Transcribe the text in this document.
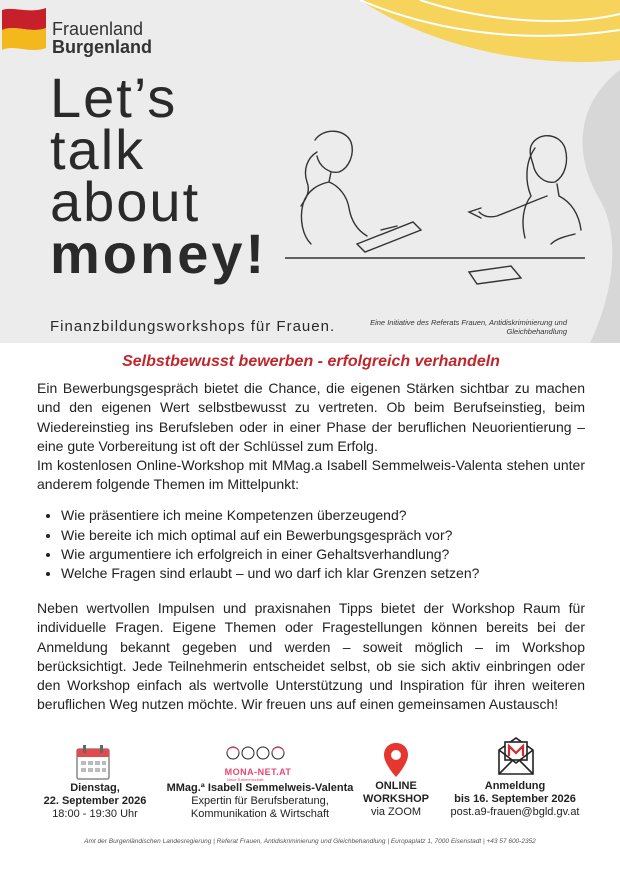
Frauenland
Burgenland
Let’s
talk
about
money!
Finanzbildungsworkshops für Frauen.	Eine Initiative des Referats Frauen, Antidiskriminierung und Gleichbehandlung
Selbstbewusst bewerben - erfolgreich verhandeln

Ein Bewerbungsgespräch bietet die Chance, die eigenen Stärken sichtbar zu machen und den eigenen Wert selbstbewusst zu vertreten. Ob beim Berufseinstieg, beim Wiedereinstieg ins Berufsleben oder in einer Phase der beruflichen Neuorientierung – eine gute Vorbereitung ist oft der Schlüssel zum Erfolg.

Im kostenlosen Online-Workshop mit MMag.a Isabell Semmelweis-Valenta stehen unter anderem folgende Themen im Mittelpunkt:

• Wie präsentiere ich meine Kompetenzen überzeugend?
• Wie bereite ich mich optimal auf ein Bewerbungsgespräch vor?
• Wie argumentiere ich erfolgreich in einer Gehaltsverhandlung?
• Welche Fragen sind erlaubt – und wo darf ich klar Grenzen setzen?

Neben wertvollen Impulsen und praxisnahen Tipps bietet der Workshop Raum für individuelle Fragen. Eigene Themen oder Fragestellungen können bereits bei der Anmeldung bekannt gegeben und werden – soweit möglich – im Workshop berücksichtigt. Jede Teilnehmerin entscheidet selbst, ob sie sich aktiv einbringen oder den Workshop einfach als wertvolle Unterstützung und Inspiration für ihren weiteren beruflichen Weg nutzen möchte. Wir freuen uns auf einen gemeinsamen Austausch!

Dienstag,
22. September 2026
18:00 - 19:30 Uhr
MONA-NET.AT
Neue Rahmenschaft
MMag.ª Isabell Semmelweis-Valenta
Expertin für Berufsberatung,
Kommunikation & Wirtschaft
ONLINE
WORKSHOP
via ZOOM
Anmeldung
bis 16. September 2026
post.a9-frauen@bgld.gv.at
Amt der Burgenländischen Landesregierung | Referat Frauen, Antidiskriminierung und Gleichbehandlung | Europaplatz 1, 7000 Eisenstadt | +43 57 600-2352
